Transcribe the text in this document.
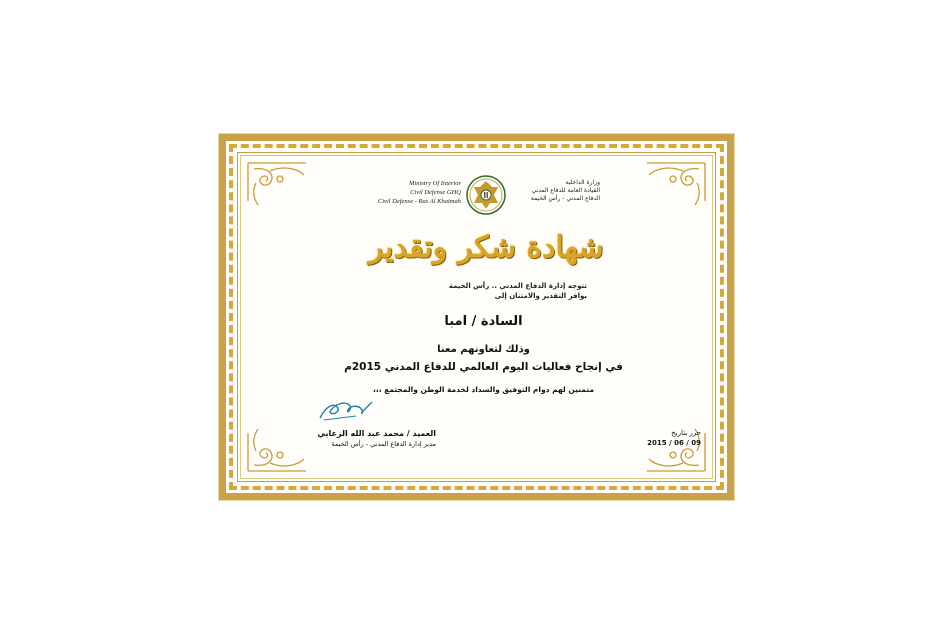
Ministry Of Interior
Civil Defense GHQ
Civil Defense - Ras Al Khaimah
وزارة الداخلية
القيادة العامة للدفاع المدني
الدفاع المدني - رأس الخيمة
شهادة شكر وتقدير
تتوجه إدارة الدفاع المدني .. رأس الخيمة
بوافر التقدير والامتنان إلى
السادة / امبا
وذلك لتعاونهم معنا
في إنجاح فعاليات اليوم العالمي للدفاع المدني 2015م
متمنين لهم دوام التوفيق والسداد لخدمة الوطن والمجتمع ،،،
العميد / محمد عبد الله الزعابي
مدير إدارة الدفاع المدني - رأس الخيمة
حرر بتاريخ
2015 / 06 / 09
